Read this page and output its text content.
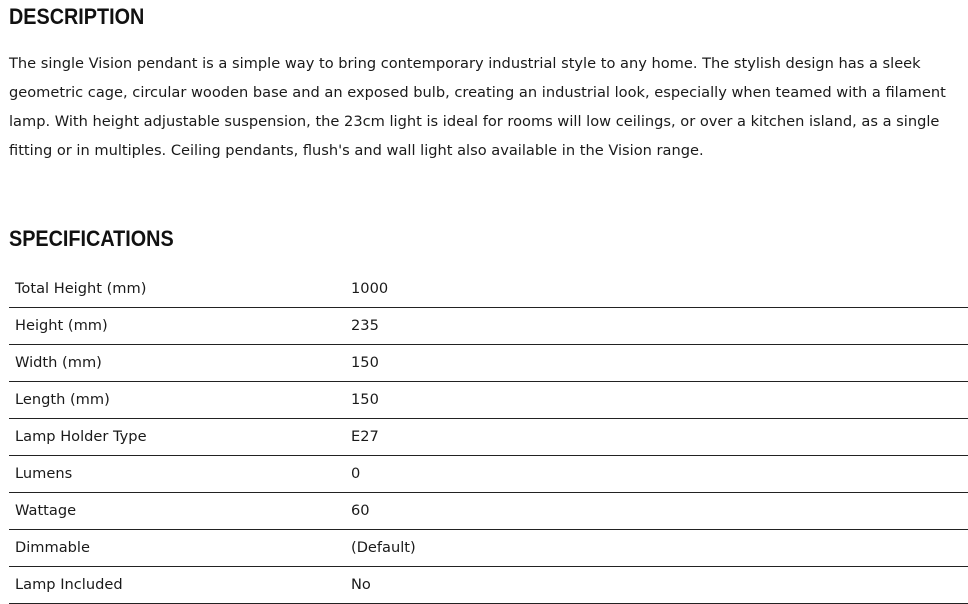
DESCRIPTION

The single Vision pendant is a simple way to bring contemporary industrial style to any home. The stylish design has a sleek geometric cage, circular wooden base and an exposed bulb, creating an industrial look, especially when teamed with a filament lamp. With height adjustable suspension, the 23cm light is ideal for rooms will low ceilings, or over a kitchen island, as a single fitting or in multiples. Ceiling pendants, flush's and wall light also available in the Vision range.

SPECIFICATIONS
Total Height (mm)	1000
Height (mm)	235
Width (mm)	150
Length (mm)	150
Lamp Holder Type	E27
Lumens	0
Wattage	60
Dimmable	(Default)
Lamp Included	No
